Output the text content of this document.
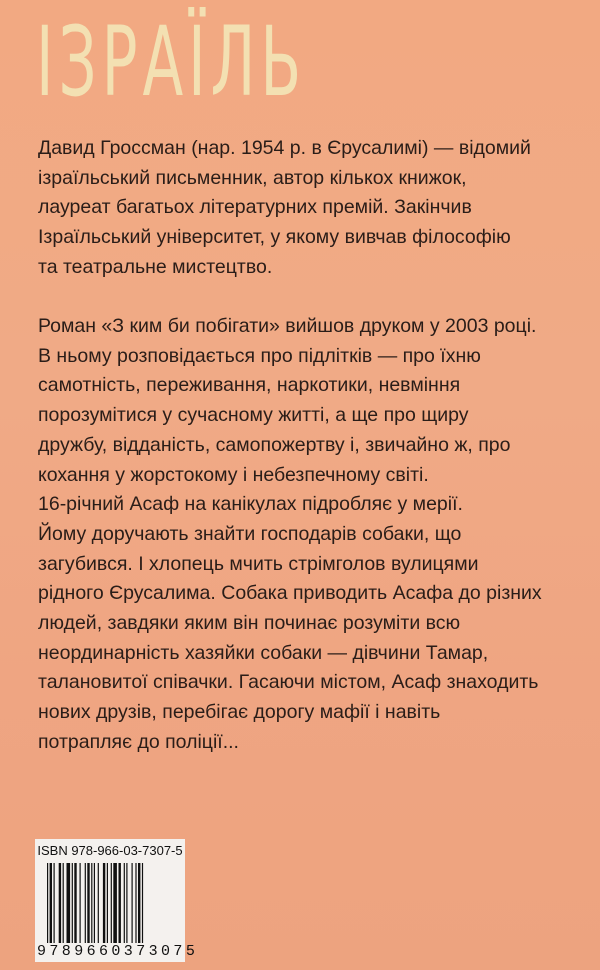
ІЗРАЇЛЬ
Давид Гроссман (нар. 1954 р. в Єрусалимі) — відомий
ізраїльський письменник, автор кількох книжок,
лауреат багатьох літературних премій. Закінчив
Ізраїльський університет, у якому вивчав філософію
та театральне мистецтво.
Роман «З ким би побігати» вийшов друком у 2003 році.
В ньому розповідається про підлітків — про їхню
самотність, переживання, наркотики, невміння
порозумітися у сучасному житті, а ще про щиру
дружбу, відданість, самопожертву і, звичайно ж, про
кохання у жорстокому і небезпечному світі.
16-річний Асаф на канікулах підробляє у мерії.
Йому доручають знайти господарів собаки, що
загубився. І хлопець мчить стрімголов вулицями
рідного Єрусалима. Собака приводить Асафа до різних
людей, завдяки яким він починає розуміти всю
неординарність хазяйки собаки — дівчини Тамар,
талановитої співачки. Гасаючи містом, Асаф знаходить
нових друзів, перебігає дорогу мафії і навіть
потрапляє до поліції...
ISBN 978-966-03-7307-5
9789660373075
